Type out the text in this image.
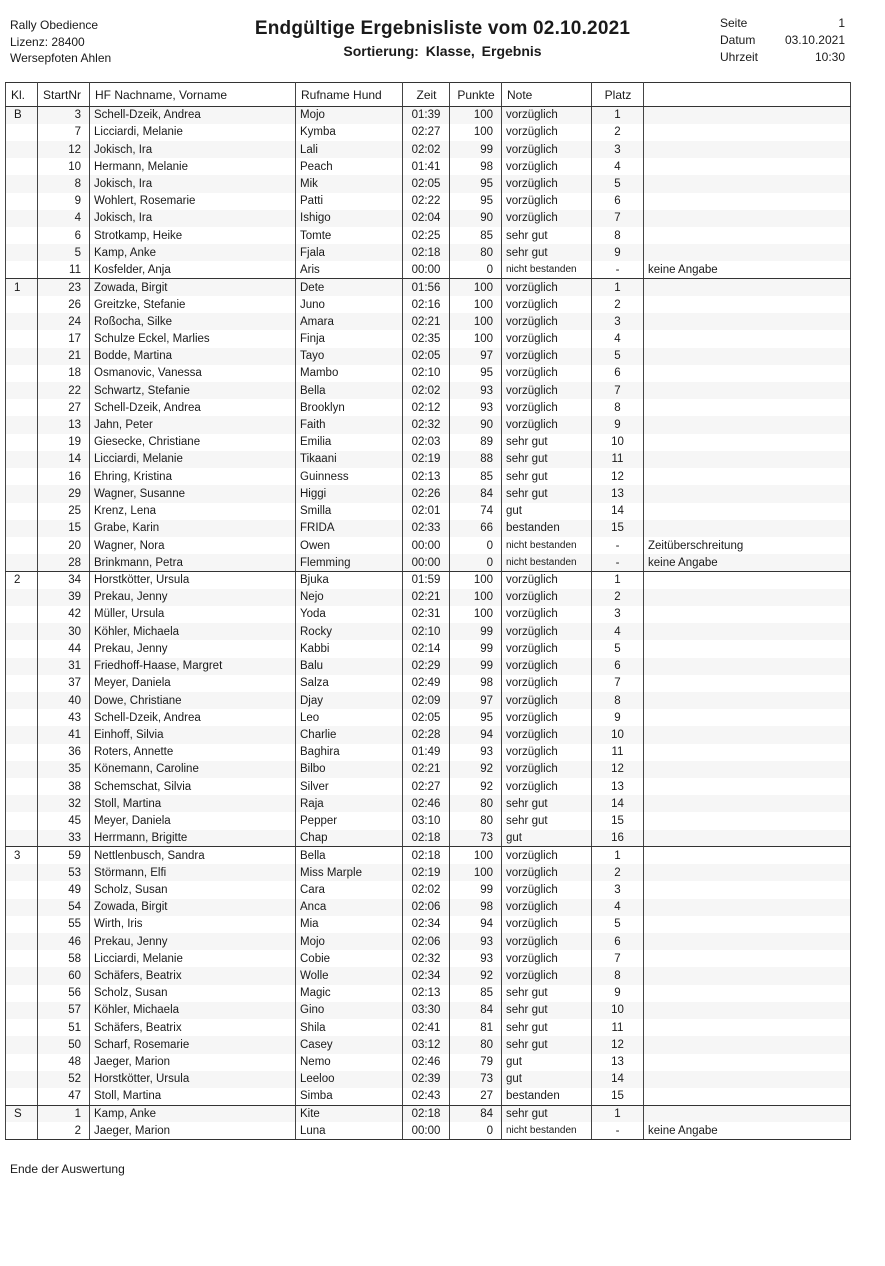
Rally Obedience
Lizenz: 28400
Wersepfoten Ahlen
Endgültige Ergebnisliste vom 02.10.2021
Sortierung: Klasse, Ergebnis
Seite	1
Datum 03.10.2021
Uhrzeit	10:30
Kl.	StartNr	HF Nachname, Vorname	Rufname Hund	Zeit	Punkte	Note	Platz	
B	3	Schell-Dzeik, Andrea	Mojo	01:39	100	vorzüglich	1	
	7	Licciardi, Melanie	Kymba	02:27	100	vorzüglich	2	
	12	Jokisch, Ira	Lali	02:02	99	vorzüglich	3	
	10	Hermann, Melanie	Peach	01:41	98	vorzüglich	4	
	8	Jokisch, Ira	Mik	02:05	95	vorzüglich	5	
	9	Wohlert, Rosemarie	Patti	02:22	95	vorzüglich	6	
	4	Jokisch, Ira	Ishigo	02:04	90	vorzüglich	7	
	6	Strotkamp, Heike	Tomte	02:25	85	sehr gut	8	
	5	Kamp, Anke	Fjala	02:18	80	sehr gut	9	
	11	Kosfelder, Anja	Aris	00:00	0	nicht bestanden	-	keine Angabe
1	23	Zowada, Birgit	Dete	01:56	100	vorzüglich	1	
	26	Greitzke, Stefanie	Juno	02:16	100	vorzüglich	2	
	24	Roßocha, Silke	Amara	02:21	100	vorzüglich	3	
	17	Schulze Eckel, Marlies	Finja	02:35	100	vorzüglich	4	
	21	Bodde, Martina	Tayo	02:05	97	vorzüglich	5	
	18	Osmanovic, Vanessa	Mambo	02:10	95	vorzüglich	6	
	22	Schwartz, Stefanie	Bella	02:02	93	vorzüglich	7	
	27	Schell-Dzeik, Andrea	Brooklyn	02:12	93	vorzüglich	8	
	13	Jahn, Peter	Faith	02:32	90	vorzüglich	9	
	19	Giesecke, Christiane	Emilia	02:03	89	sehr gut	10	
	14	Licciardi, Melanie	Tikaani	02:19	88	sehr gut	11	
	16	Ehring, Kristina	Guinness	02:13	85	sehr gut	12	
	29	Wagner, Susanne	Higgi	02:26	84	sehr gut	13	
	25	Krenz, Lena	Smilla	02:01	74	gut	14	
	15	Grabe, Karin	FRIDA	02:33	66	bestanden	15	
	20	Wagner, Nora	Owen	00:00	0	nicht bestanden	-	Zeitüberschreitung
	28	Brinkmann, Petra	Flemming	00:00	0	nicht bestanden	-	keine Angabe
2	34	Horstkötter, Ursula	Bjuka	01:59	100	vorzüglich	1	
	39	Prekau, Jenny	Nejo	02:21	100	vorzüglich	2	
	42	Müller, Ursula	Yoda	02:31	100	vorzüglich	3	
	30	Köhler, Michaela	Rocky	02:10	99	vorzüglich	4	
	44	Prekau, Jenny	Kabbi	02:14	99	vorzüglich	5	
	31	Friedhoff-Haase, Margret	Balu	02:29	99	vorzüglich	6	
	37	Meyer, Daniela	Salza	02:49	98	vorzüglich	7	
	40	Dowe, Christiane	Djay	02:09	97	vorzüglich	8	
	43	Schell-Dzeik, Andrea	Leo	02:05	95	vorzüglich	9	
	41	Einhoff, Silvia	Charlie	02:28	94	vorzüglich	10	
	36	Roters, Annette	Baghira	01:49	93	vorzüglich	11	
	35	Könemann, Caroline	Bilbo	02:21	92	vorzüglich	12	
	38	Schemschat, Silvia	Silver	02:27	92	vorzüglich	13	
	32	Stoll, Martina	Raja	02:46	80	sehr gut	14	
	45	Meyer, Daniela	Pepper	03:10	80	sehr gut	15	
	33	Herrmann, Brigitte	Chap	02:18	73	gut	16	
3	59	Nettlenbusch, Sandra	Bella	02:18	100	vorzüglich	1	
	53	Störmann, Elfi	Miss Marple	02:19	100	vorzüglich	2	
	49	Scholz, Susan	Cara	02:02	99	vorzüglich	3	
	54	Zowada, Birgit	Anca	02:06	98	vorzüglich	4	
	55	Wirth, Iris	Mia	02:34	94	vorzüglich	5	
	46	Prekau, Jenny	Mojo	02:06	93	vorzüglich	6	
	58	Licciardi, Melanie	Cobie	02:32	93	vorzüglich	7	
	60	Schäfers, Beatrix	Wolle	02:34	92	vorzüglich	8	
	56	Scholz, Susan	Magic	02:13	85	sehr gut	9	
	57	Köhler, Michaela	Gino	03:30	84	sehr gut	10	
	51	Schäfers, Beatrix	Shila	02:41	81	sehr gut	11	
	50	Scharf, Rosemarie	Casey	03:12	80	sehr gut	12	
	48	Jaeger, Marion	Nemo	02:46	79	gut	13	
	52	Horstkötter, Ursula	Leeloo	02:39	73	gut	14	
	47	Stoll, Martina	Simba	02:43	27	bestanden	15	
S	1	Kamp, Anke	Kite	02:18	84	sehr gut	1	
	2	Jaeger, Marion	Luna	00:00	0	nicht bestanden	-	keine Angabe
Ende der Auswertung
